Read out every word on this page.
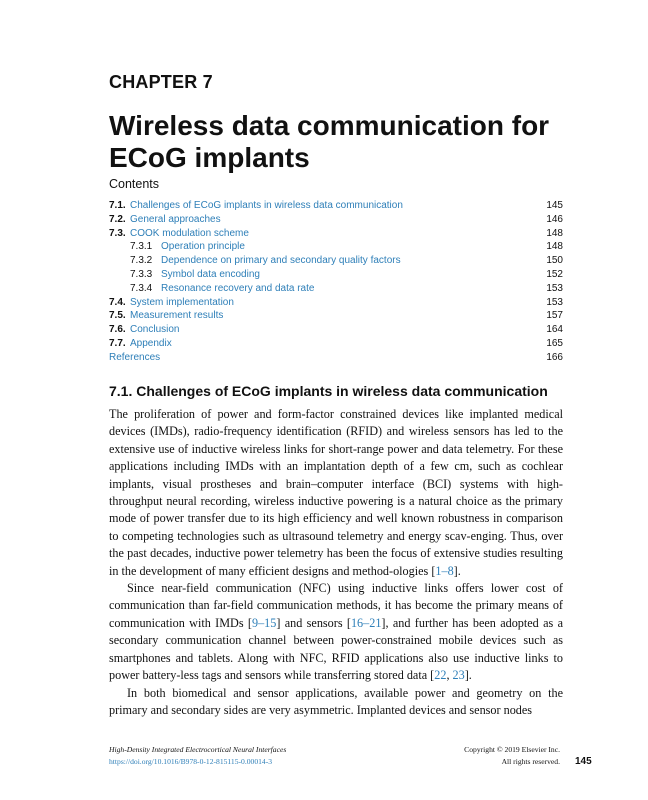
CHAPTER 7
Wireless data communication for ECoG implants
Contents
7.1. Challenges of ECoG implants in wireless data communication	145
7.2. General approaches	146
7.3. COOK modulation scheme	148
7.3.1 Operation principle	148
7.3.2 Dependence on primary and secondary quality factors	150
7.3.3 Symbol data encoding	152
7.3.4 Resonance recovery and data rate	153
7.4. System implementation	153
7.5. Measurement results	157
7.6. Conclusion	164
7.7. Appendix	165
References	166
7.1. Challenges of ECoG implants in wireless data communication

The proliferation of power and form-factor constrained devices like implanted medical devices (IMDs), radio-frequency identification (RFID) and wireless sensors has led to the extensive use of inductive wireless links for short-range power and data telemetry. For these applications including IMDs with an implantation depth of a few cm, such as cochlear implants, visual prostheses and brain–computer interface (BCI) systems with high-throughput neural recording, wireless inductive powering is a natural choice as the primary mode of power transfer due to its high efficiency and well known robustness in comparison to competing technologies such as ultrasound telemetry and energy scav-enging. Thus, over the past decades, inductive power telemetry has been the focus of extensive studies resulting in the development of many efficient designs and method-ologies [1–8].

Since near-field communication (NFC) using inductive links offers lower cost of communication than far-field communication methods, it has become the primary means of communication with IMDs [9–15] and sensors [16–21], and further has been adopted as a secondary communication channel between power-constrained mobile devices such as smartphones and tablets. Along with NFC, RFID applications also use inductive links to power battery-less tags and sensors while transferring stored data [22, 23].

In both biomedical and sensor applications, available power and geometry on the primary and secondary sides are very asymmetric. Implanted devices and sensor nodes

High-Density Integrated Electrocortical Neural Interfaces
https://doi.org/10.1016/B978-0-12-815115-0.00014-3
Copyright © 2019 Elsevier Inc.
All rights reserved. 145
